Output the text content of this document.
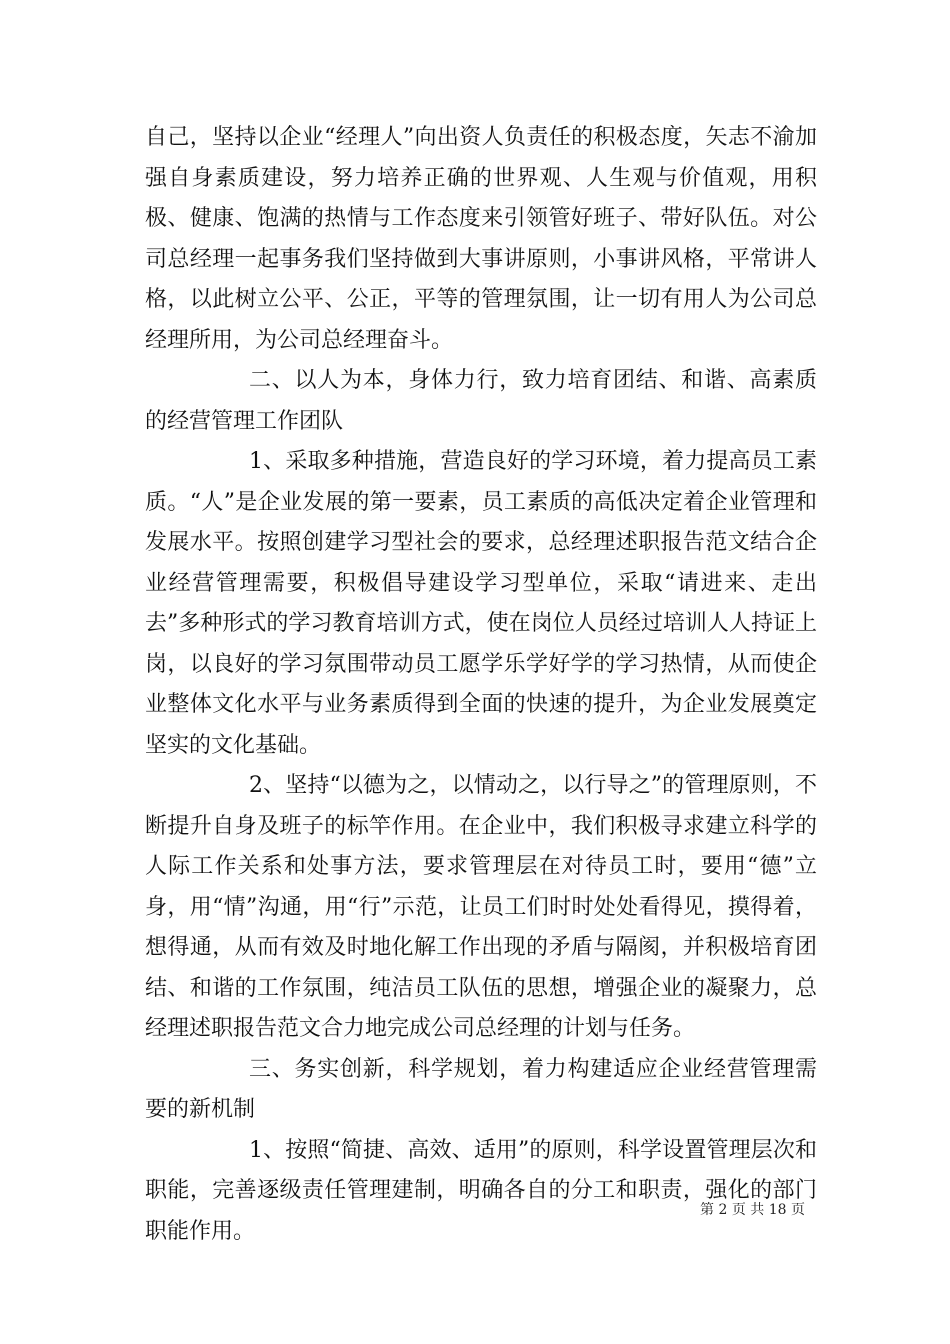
自己，坚持以企业“经理人”向出资人负责任的积极态度，矢志不渝加强自身素质建设，努力培养正确的世界观、人生观与价值观，用积极、健康、饱满的热情与工作态度来引领管好班子、带好队伍。对公司总经理一起事务我们坚持做到大事讲原则，小事讲风格，平常讲人格，以此树立公平、公正，平等的管理氛围，让一切有用人为公司总经理所用，为公司总经理奋斗。

二、以人为本，身体力行，致力培育团结、和谐、高素质的经营管理工作团队

1、采取多种措施，营造良好的学习环境，着力提高员工素质。“人”是企业发展的第一要素，员工素质的高低决定着企业管理和发展水平。按照创建学习型社会的要求，总经理述职报告范文结合企业经营管理需要，积极倡导建设学习型单位，采取“请进来、走出去”多种形式的学习教育培训方式，使在岗位人员经过培训人人持证上岗，以良好的学习氛围带动员工愿学乐学好学的学习热情，从而使企业整体文化水平与业务素质得到全面的快速的提升，为企业发展奠定坚实的文化基础。

2、坚持“以德为之，以情动之，以行导之”的管理原则，不断提升自身及班子的标竿作用。在企业中，我们积极寻求建立科学的人际工作关系和处事方法，要求管理层在对待员工时，要用“德”立身，用“情”沟通，用“行”示范，让员工们时时处处看得见，摸得着，想得通，从而有效及时地化解工作出现的矛盾与隔阂，并积极培育团结、和谐的工作氛围，纯洁员工队伍的思想，增强企业的凝聚力，总经理述职报告范文合力地完成公司总经理的计划与任务。

三、务实创新，科学规划，着力构建适应企业经营管理需要的新机制

1、按照“简捷、高效、适用”的原则，科学设置管理层次和职能，完善逐级责任管理建制，明确各自的分工和职责，强化的部门职能作用。

第 2 页 共 18 页
